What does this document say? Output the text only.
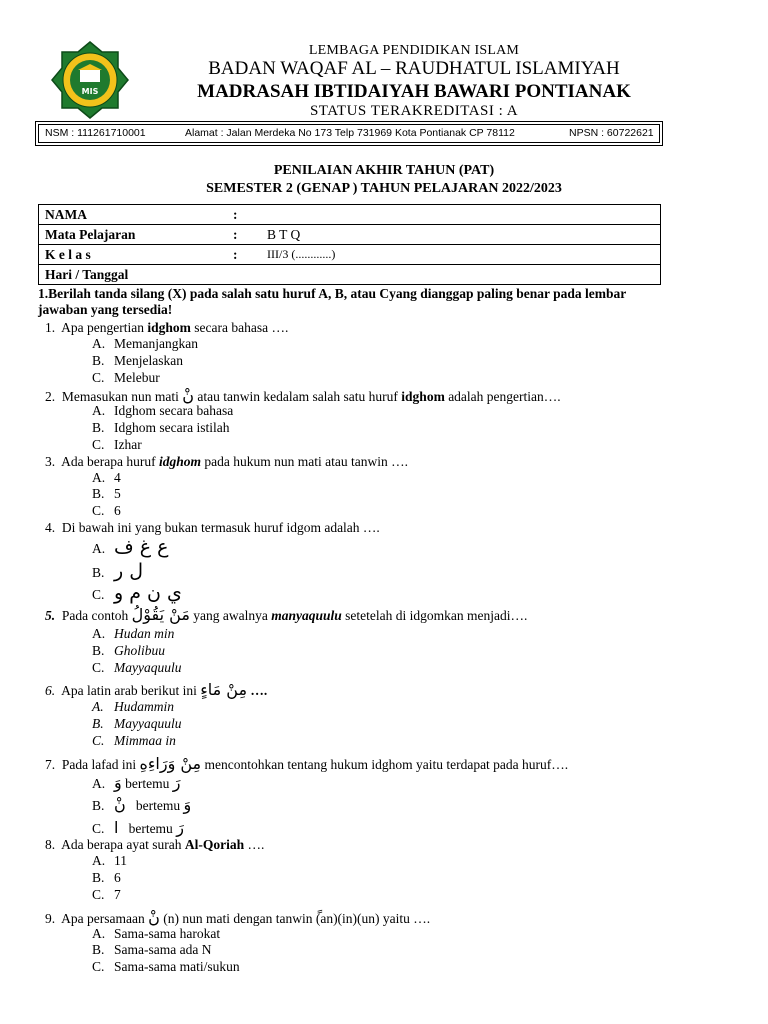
MIS
LEMBAGA PENDIDIKAN ISLAM
BADAN WAQAF AL – RAUDHATUL ISLAMIYAH
MADRASAH IBTIDAIYAH BAWARI PONTIANAK
STATUS TERAKREDITASI : A
NSM : 111261710001	Alamat : Jalan Merdeka No 173 Telp 731969 Kota Pontianak CP 78112	NPSN : 60722621
PENILAIAN AKHIR TAHUN (PAT)
SEMESTER 2 (GENAP ) TAHUN PELAJARAN 2022/2023
NAMA	:	
Mata Pelajaran	:	B T Q
K e l a s	:	III/3 (............)
Hari / Tanggal		
1.Berilah tanda silang (X) pada salah satu huruf A, B, atau Cyang dianggap paling benar pada lembar jawaban yang tersedia!
1. Apa pengertian idghom secara bahasa ….
A. Memanjangkan
B. Menjelaskan
C. Melebur
2. Memasukan nun mati نْ atau tanwin kedalam salah satu huruf idghom adalah pengertian….
A. Idghom secara bahasa
B. Idghom secara istilah
C. Izhar
3. Ada berapa huruf idghom pada hukum nun mati atau tanwin ….
A. 4
B. 5
C. 6
4. Di bawah ini yang bukan termasuk huruf idgom adalah ….
A. ع غ ف
B. ل ر
C. ي ن م و
5. Pada contoh مَنْ يَقُوْلُ yang awalnya manyaquulu setetelah di idgomkan menjadi….
A. Hudan min
B. Gholibuu
C. Mayyaquulu
6. Apa latin arab berikut ini مِنْ مَاءٍ ….
A. Hudammin
B. Mayyaquulu
C. Mimmaa in
7. Pada lafad ini مِنْ وَرَاءِهِ mencontohkan tentang hukum idghom yaitu terdapat pada huruf….
A. وَ bertemu رَ
B. نْ bertemu وَ
C. ا bertemu رَ
8. Ada berapa ayat surah Al-Qoriah ….
A. 11
B. 6
C. 7
9. Apa persamaan نْ (n) nun mati dengan tanwin (an)(in)(un) yaitu ….
A. Sama-sama harokat
B. Sama-sama ada N
C. Sama-sama mati/sukun
